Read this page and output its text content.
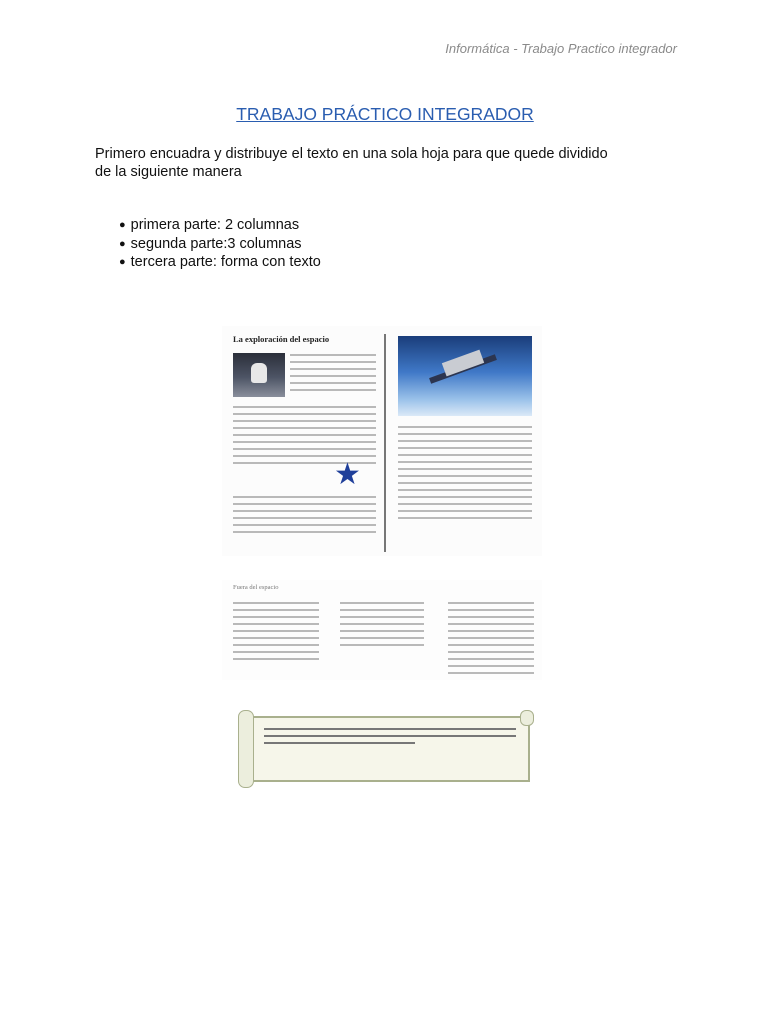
Informática - Trabajo Practico integrador
TRABAJO PRÁCTICO INTEGRADOR

Primero encuadra y distribuye el texto en una sola hoja para que quede dividido de la siguiente manera

● primera parte: 2 columnas
● segunda parte:3 columnas
● tercera parte: forma con texto
La exploración del espacio
★
Fuera del espacio
